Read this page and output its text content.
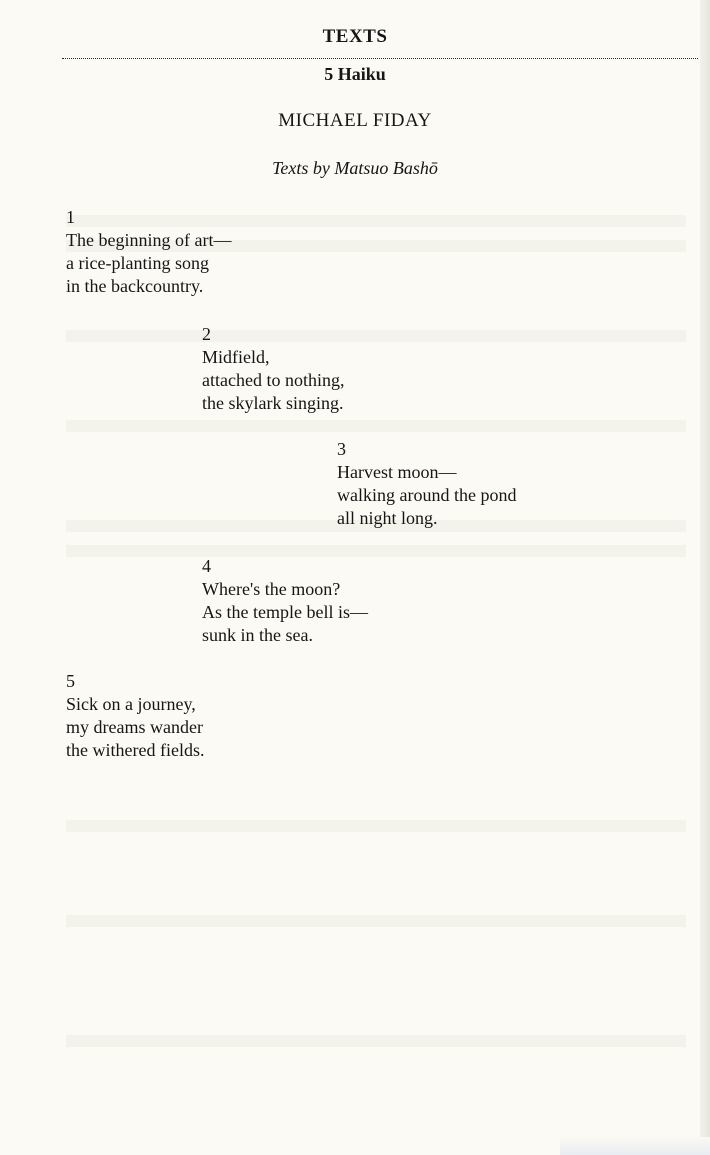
TEXTS
5 Haiku
MICHAEL FIDAY
Texts by Matsuo Bashō
1
The beginning of art—
a rice-planting song
in the backcountry.
2
Midfield,
attached to nothing,
the skylark singing.
3
Harvest moon—
walking around the pond
all night long.
4
Where's the moon?
As the temple bell is—
sunk in the sea.
5
Sick on a journey,
my dreams wander
the withered fields.
